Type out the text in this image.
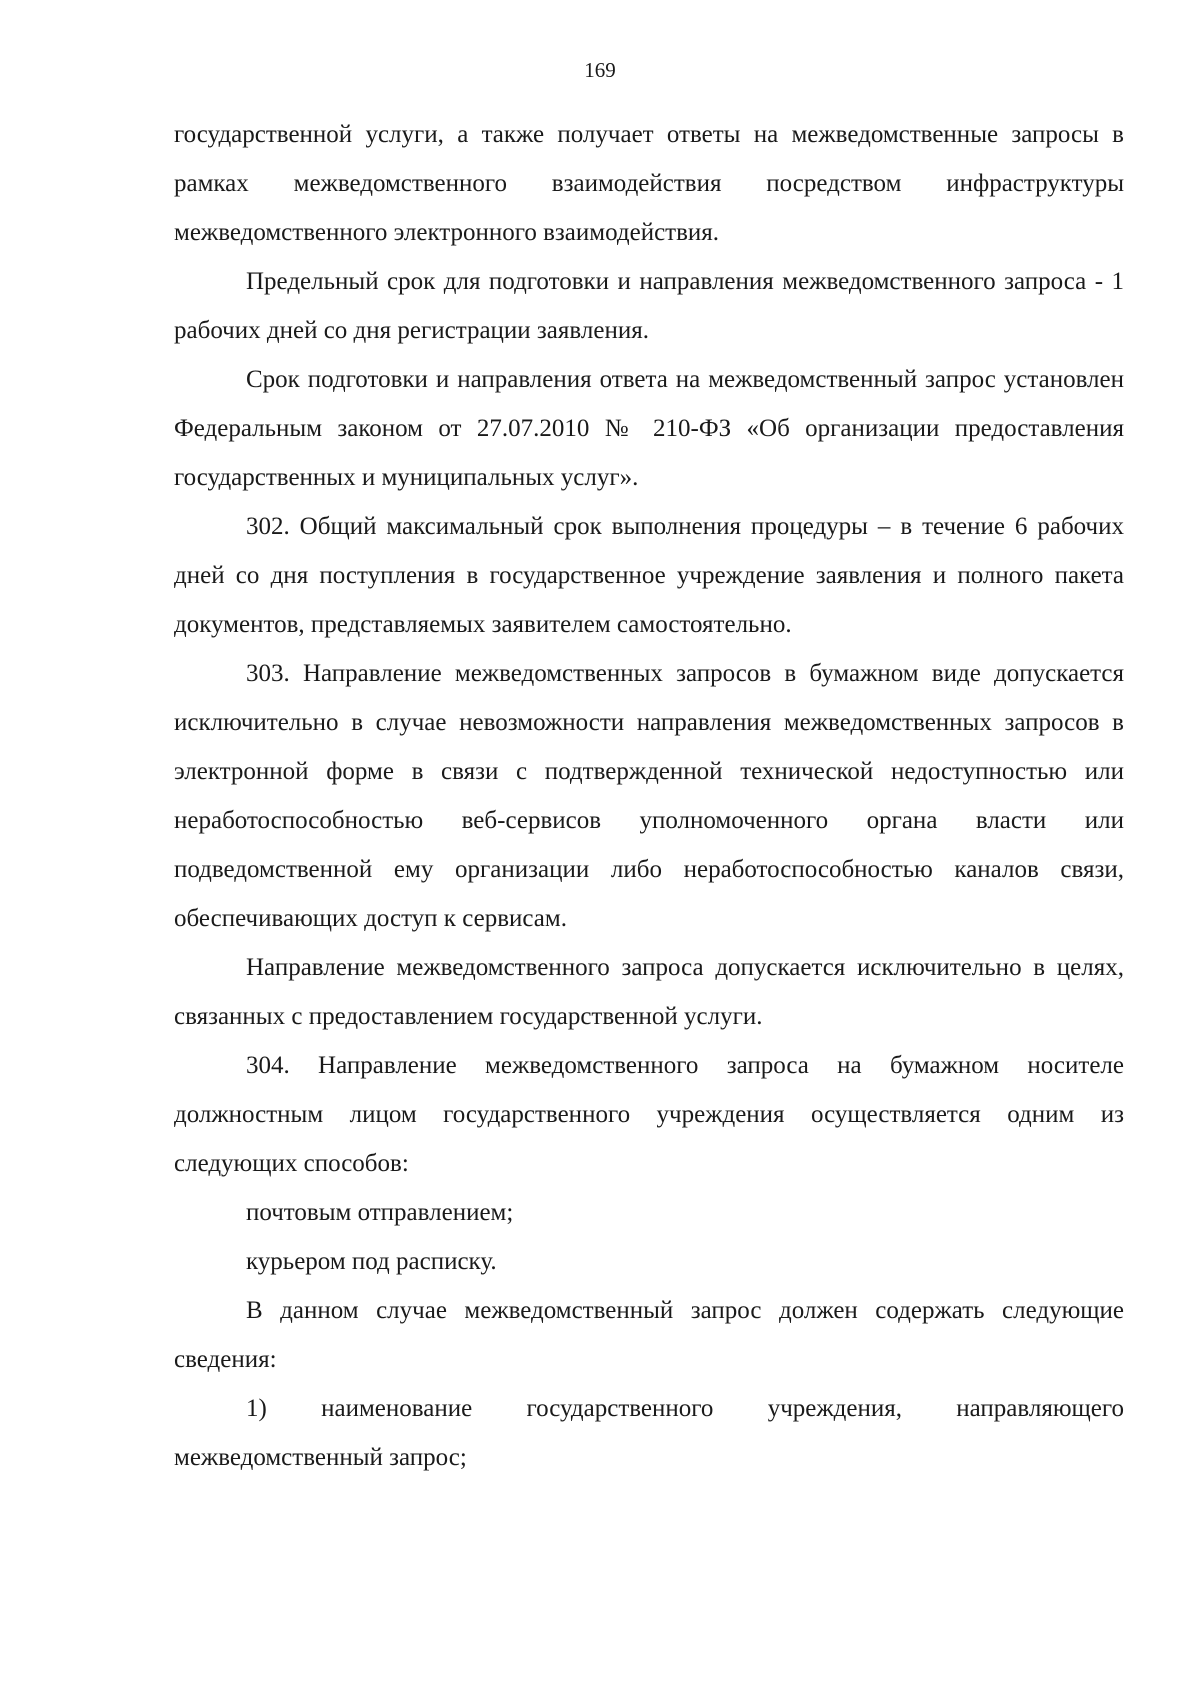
169

государственной услуги, а также получает ответы на межведомственные запросы в рамках межведомственного взаимодействия посредством инфраструктуры межведомственного электронного взаимодействия.

Предельный срок для подготовки и направления межведомственного запроса - 1 рабочих дней со дня регистрации заявления.

Срок подготовки и направления ответа на межведомственный запрос установлен Федеральным законом от 27.07.2010 № 210-ФЗ «Об организации предоставления государственных и муниципальных услуг».

302. Общий максимальный срок выполнения процедуры – в течение 6 рабочих дней со дня поступления в государственное учреждение заявления и полного пакета документов, представляемых заявителем самостоятельно.

303. Направление межведомственных запросов в бумажном виде допускается исключительно в случае невозможности направления межведомственных запросов в электронной форме в связи с подтвержденной технической недоступностью или неработоспособностью веб-сервисов уполномоченного органа власти или подведомственной ему организации либо неработоспособностью каналов связи, обеспечивающих доступ к сервисам.

Направление межведомственного запроса допускается исключительно в целях, связанных с предоставлением государственной услуги.

304. Направление межведомственного запроса на бумажном носителе должностным лицом государственного учреждения осуществляется одним из следующих способов:

почтовым отправлением;

курьером под расписку.

В данном случае межведомственный запрос должен содержать следующие сведения:

1) наименование государственного учреждения, направляющего межведомственный запрос;
